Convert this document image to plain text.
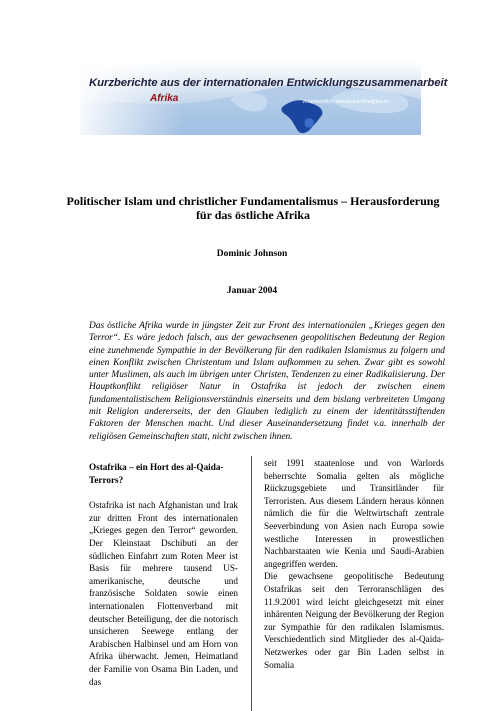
Kurzberichte aus der internationalen Entwicklungszusammenarbeit
Afrika	Verantwortlich: werner.puschra@fes.de
Politischer Islam und christlicher Fundamentalismus – Herausforderung für das östliche Afrika
Dominic Johnson
Januar 2004

Das östliche Afrika wurde in jüngster Zeit zur Front des internationalen „Krieges gegen den Terror“. Es wäre jedoch falsch, aus der gewachsenen geopolitischen Bedeutung der Region eine zunehmende Sympathie in der Bevölkerung für den radikalen Islamismus zu folgern und einen Konflikt zwischen Christentum und Islam aufkommen zu sehen. Zwar gibt es sowohl unter Muslimen, als auch im übrigen unter Christen, Tendenzen zu einer Radikalisierung. Der Hauptkonflikt religiöser Natur in Ostafrika ist jedoch der zwischen einem fundamentalistischem Religionsverständnis einerseits und dem bislang verbreiteten Umgang mit Religion andererseits, der den Glauben lediglich zu einem der identitätsstiftenden Faktoren der Menschen macht. Und dieser Auseinandersetzung findet v.a. innerhalb der religiösen Gemeinschaften statt, nicht zwischen ihnen.

Ostafrika – ein Hort des al-Qaida-Terrors?

Ostafrika ist nach Afghanistan und Irak zur dritten Front des internationalen „Krieges gegen den Terror“ geworden. Der Kleinstaat Dschibuti an der südlichen Einfahrt zum Roten Meer ist Basis für mehrere tausend US-amerikanische, deutsche und französische Soldaten sowie einen internationalen Flottenverband mit deutscher Beteiligung, der die notorisch unsicheren Seewege entlang der Arabischen Halbinsel und am Horn von Afrika überwacht. Jemen, Heimatland der Familie von Osama Bin Laden, und das

seit 1991 staatenlose und von Warlords beherrschte Somalia gelten als mögliche Rückzugsgebiete und Transitländer für Terroristen. Aus diesem Ländern heraus können nämlich die für die Weltwirtschaft zentrale Seeverbindung von Asien nach Europa sowie westliche Interessen in prowestlichen Nachbarstaaten wie Kenia und Saudi-Arabien angegriffen werden.

Die gewachsene geopolitische Bedeutung Ostafrikas seit den Terroranschlägen des 11.9.2001 wird leicht gleichgesetzt mit einer inhärenten Neigung der Bevölkerung der Region zur Sympathie für den radikalen Islamismus. Verschiedentlich sind Mitglieder des al-Qaida-Netzwerkes oder gar Bin Laden selbst in Somalia
